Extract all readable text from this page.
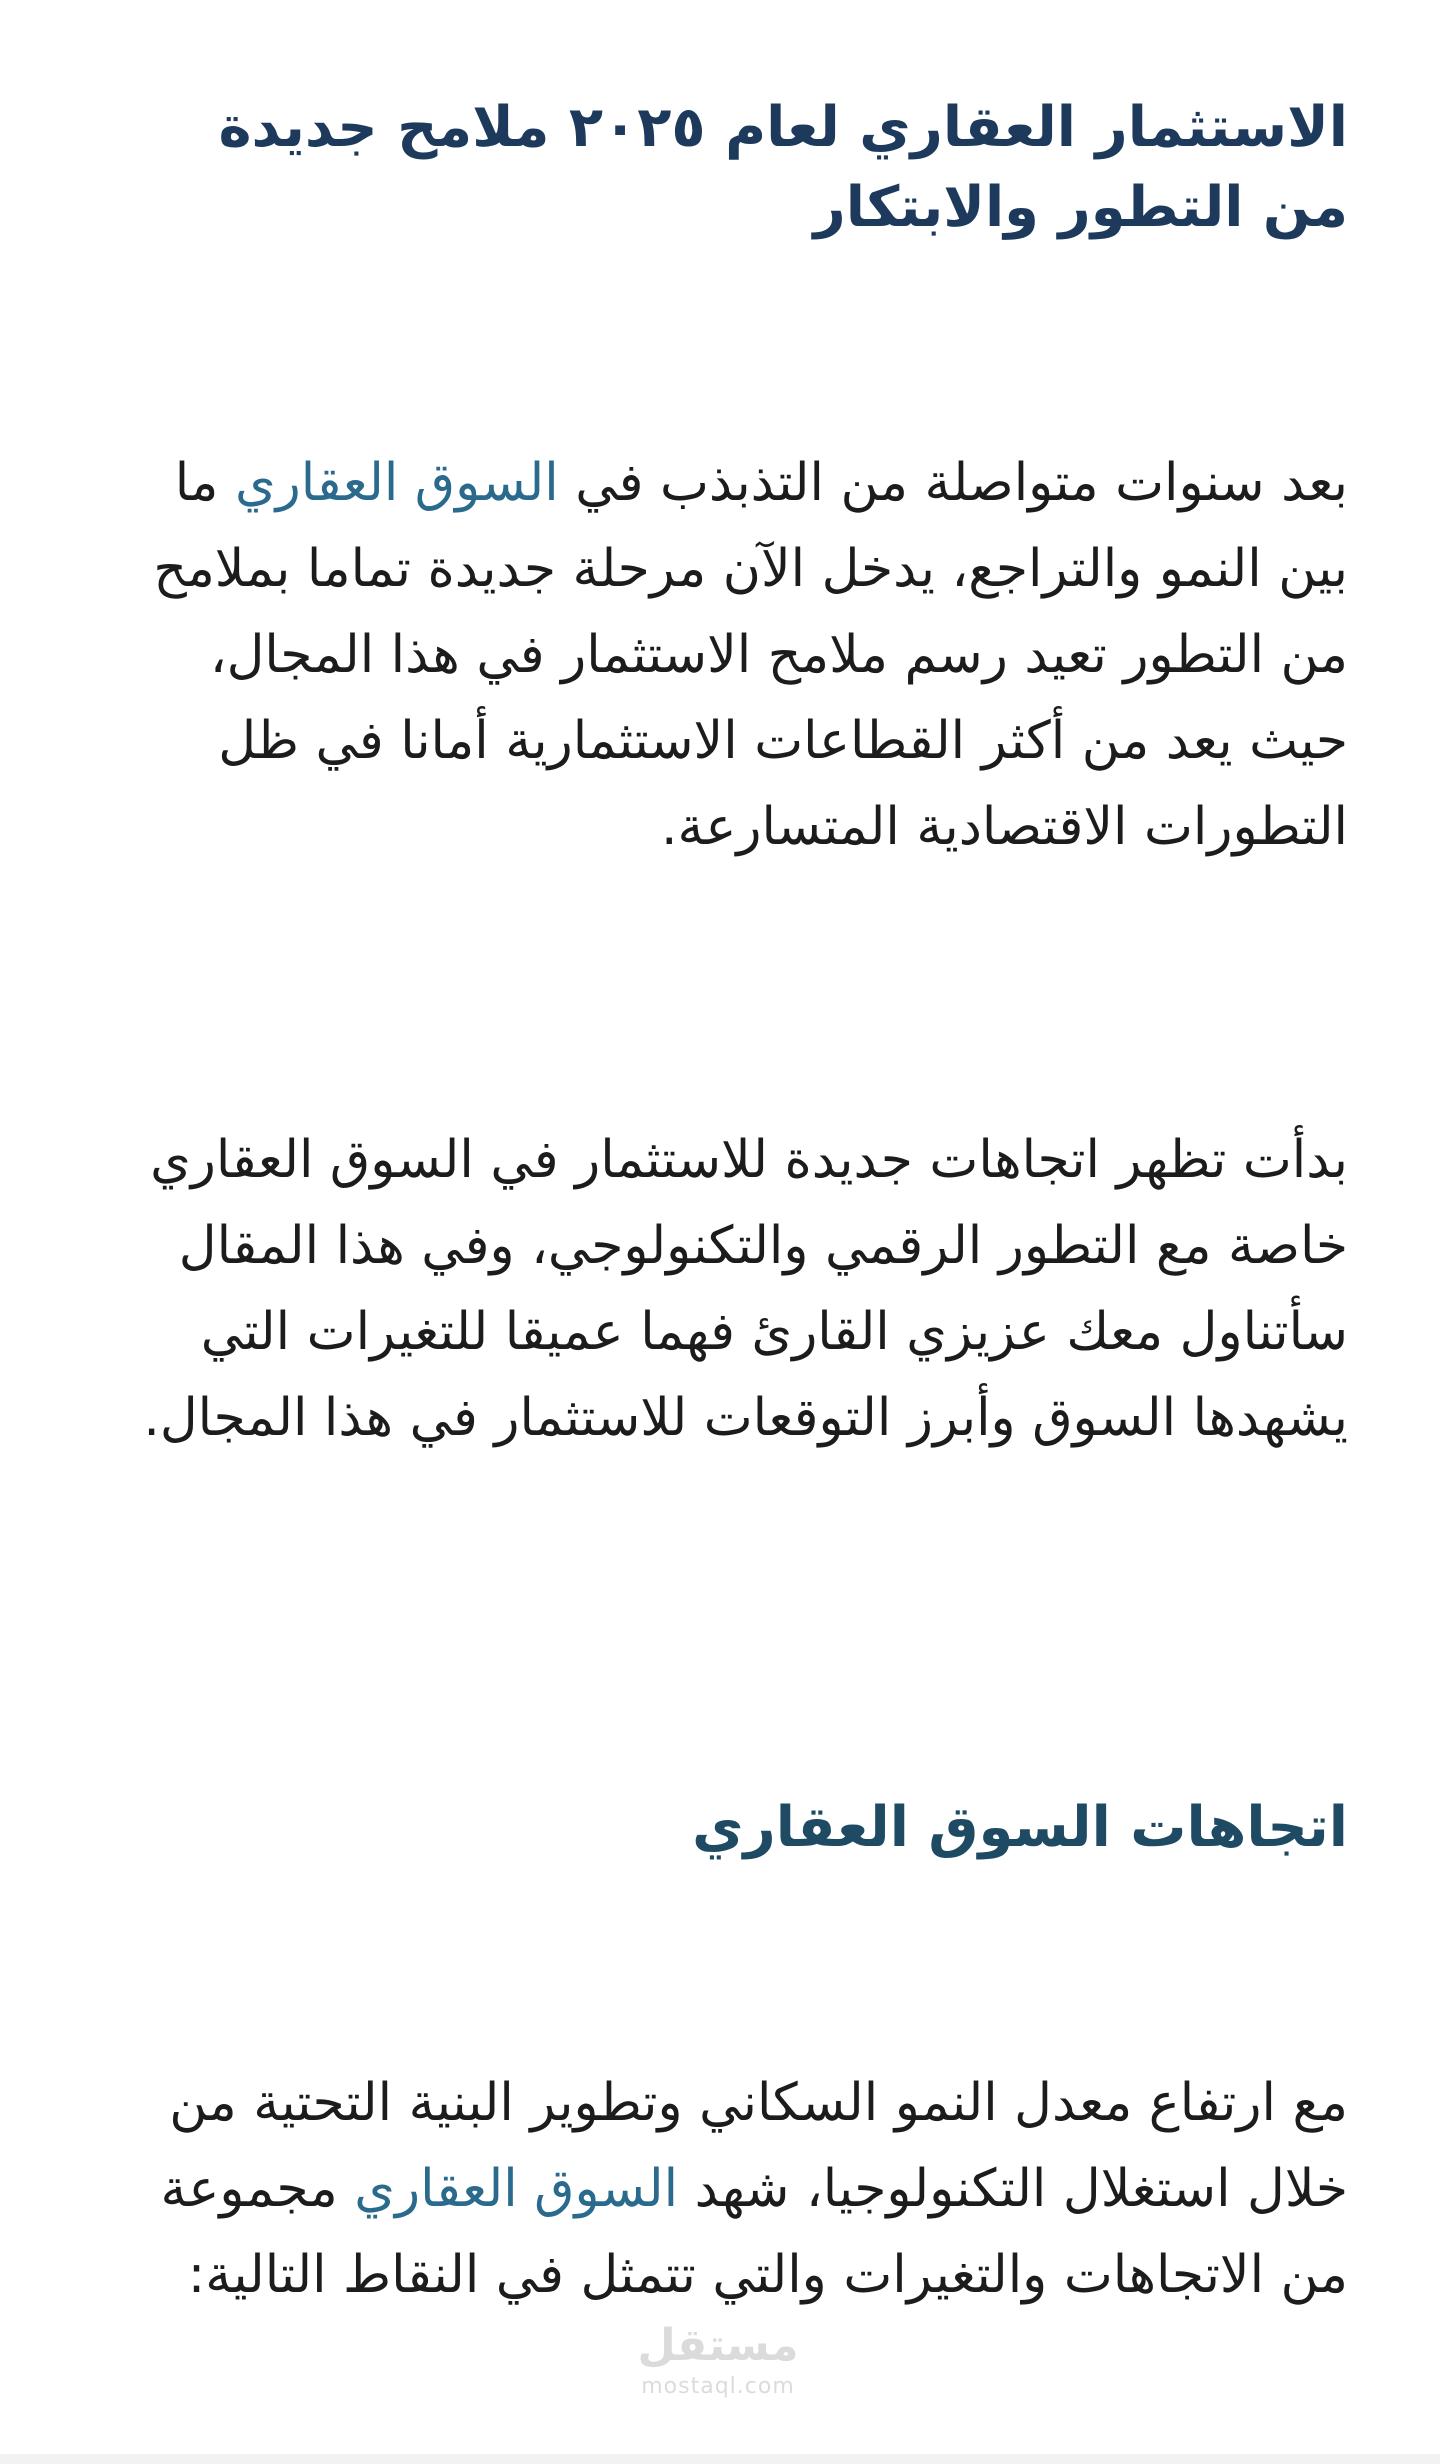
الاستثمار العقاري لعام ٢٠٢٥ ملامح جديدة من التطور والابتكار

بعد سنوات متواصلة من التذبذب في السوق العقاري ما بين النمو والتراجع، يدخل الآن مرحلة جديدة تماما بملامح من التطور تعيد رسم ملامح الاستثمار في هذا المجال، حيث يعد من أكثر القطاعات الاستثمارية أمانا في ظل التطورات الاقتصادية المتسارعة.

بدأت تظهر اتجاهات جديدة للاستثمار في السوق العقاري خاصة مع التطور الرقمي والتكنولوجي، وفي هذا المقال سأتناول معك عزيزي القارئ فهما عميقا للتغيرات التي يشهدها السوق وأبرز التوقعات للاستثمار في هذا المجال.

اتجاهات السوق العقاري

مع ارتفاع معدل النمو السكاني وتطوير البنية التحتية من خلال استغلال التكنولوجيا، شهد السوق العقاري مجموعة من الاتجاهات والتغيرات والتي تتمثل في النقاط التالية:

مستقل
mostaql.com
